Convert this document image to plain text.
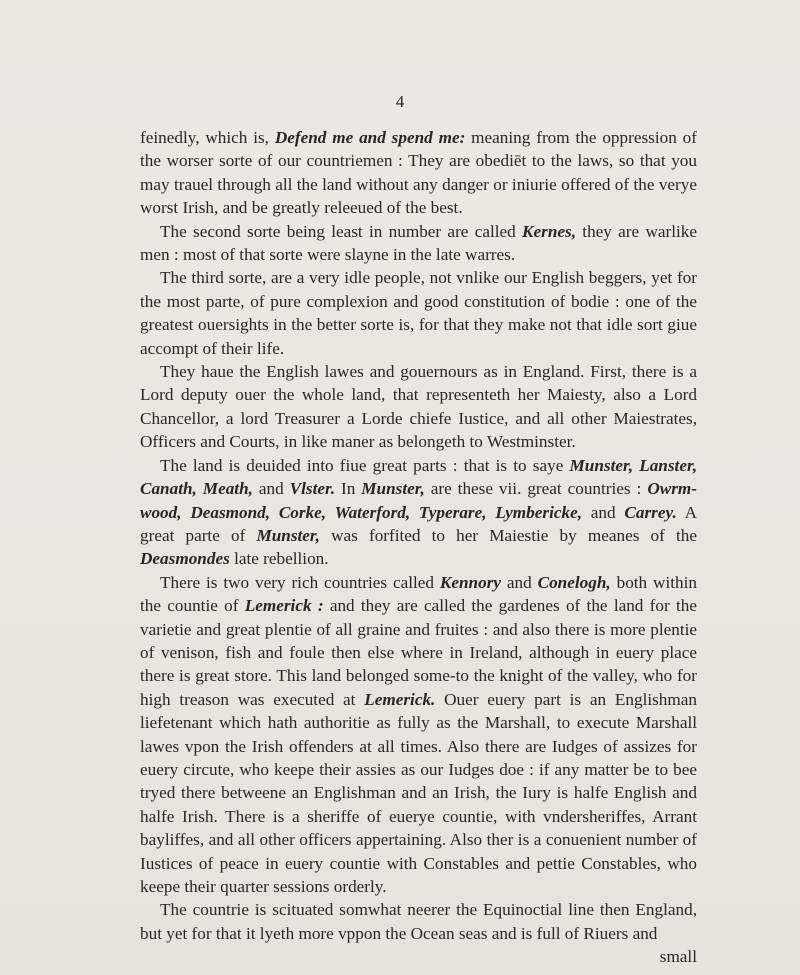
4

feinedly, which is, Defend me and spend me: meaning from the oppression of the worser sorte of our countriemen : They are obediēt to the laws, so that you may trauel through all the land without any danger or iniurie offered of the verye worst Irish, and be greatly releeued of the best.

The second sorte being least in number are called Kernes, they are warlike men : most of that sorte were slayne in the late warres.

The third sorte, are a very idle people, not vnlike our English beggers, yet for the most parte, of pure complexion and good constitution of bodie : one of the greatest ouersights in the better sorte is, for that they make not that idle sort giue accompt of their life.

They haue the English lawes and gouernours as in England. First, there is a Lord deputy ouer the whole land, that representeth her Maiesty, also a Lord Chancellor, a lord Treasurer a Lorde chiefe Iustice, and all other Maiestrates, Officers and Courts, in like maner as belongeth to Westminster.

The land is deuided into fiue great parts : that is to saye Munster, Lanster, Canath, Meath, and Vlster. In Munster, are these vii. great countries : Owrm-wood, Deasmond, Corke, Waterford, Typerare, Lymbericke, and Carrey. A great parte of Munster, was forfited to her Maiestie by meanes of the Deasmondes late rebellion.

There is two very rich countries called Kennory and Conelogh, both within the countie of Lemerick : and they are called the gardenes of the land for the varietie and great plentie of all graine and fruites : and also there is more plentie of venison, fish and foule then else where in Ireland, although in euery place there is great store. This land belonged some-to the knight of the valley, who for high treason was executed at Lemerick. Ouer euery part is an Englishman liefetenant which hath authoritie as fully as the Marshall, to execute Marshall lawes vpon the Irish offenders at all times. Also there are Iudges of assizes for euery circute, who keepe their assies as our Iudges doe : if any matter be to bee tryed there betweene an Englishman and an Irish, the Iury is halfe English and halfe Irish. There is a sheriffe of euerye countie, with vndersheriffes, Arrant bayliffes, and all other officers appertaining. Also ther is a conuenient number of Iustices of peace in euery countie with Constables and pettie Constables, who keepe their quarter sessions orderly.

The countrie is scituated somwhat neerer the Equinoctial line then England, but yet for that it lyeth more vppon the Ocean seas and is full of Riuers and

small
